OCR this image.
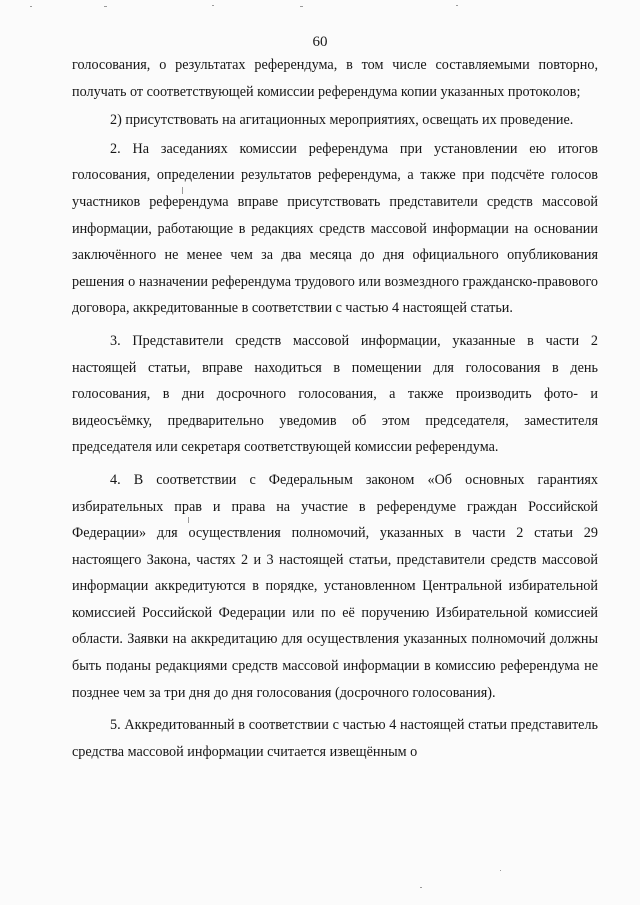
60

голосования, о результатах референдума, в том числе составляемыми повторно, получать от соответствующей комиссии референдума копии указанных протоколов;

2) присутствовать на агитационных мероприятиях, освещать их проведение.

2. На заседаниях комиссии референдума при установлении ею итогов голосования, определении результатов референдума, а также при подсчёте голосов участников референдума вправе присутствовать представители средств массовой информации, работающие в редакциях средств массовой информации на основании заключённого не менее чем за два месяца до дня официального опубликования решения о назначении референдума трудового или возмездного гражданско-правового договора, аккредитованные в соответствии с частью 4 настоящей статьи.

3. Представители средств массовой информации, указанные в части 2 настоящей статьи, вправе находиться в помещении для голосования в день голосования, в дни досрочного голосования, а также производить фото- и видеосъёмку, предварительно уведомив об этом председателя, заместителя председателя или секретаря соответствующей комиссии референдума.

4. В соответствии с Федеральным законом «Об основных гарантиях избирательных прав и права на участие в референдуме граждан Российской Федерации» для осуществления полномочий, указанных в части 2 статьи 29 настоящего Закона, частях 2 и 3 настоящей статьи, представители средств массовой информации аккредитуются в порядке, установленном Центральной избирательной комиссией Российской Федерации или по её поручению Избирательной комиссией области. Заявки на аккредитацию для осуществления указанных полномочий должны быть поданы редакциями средств массовой информации в комиссию референдума не позднее чем за три дня до дня голосования (досрочного голосования).

5. Аккредитованный в соответствии с частью 4 настоящей статьи представитель средства массовой информации считается извещённым о
